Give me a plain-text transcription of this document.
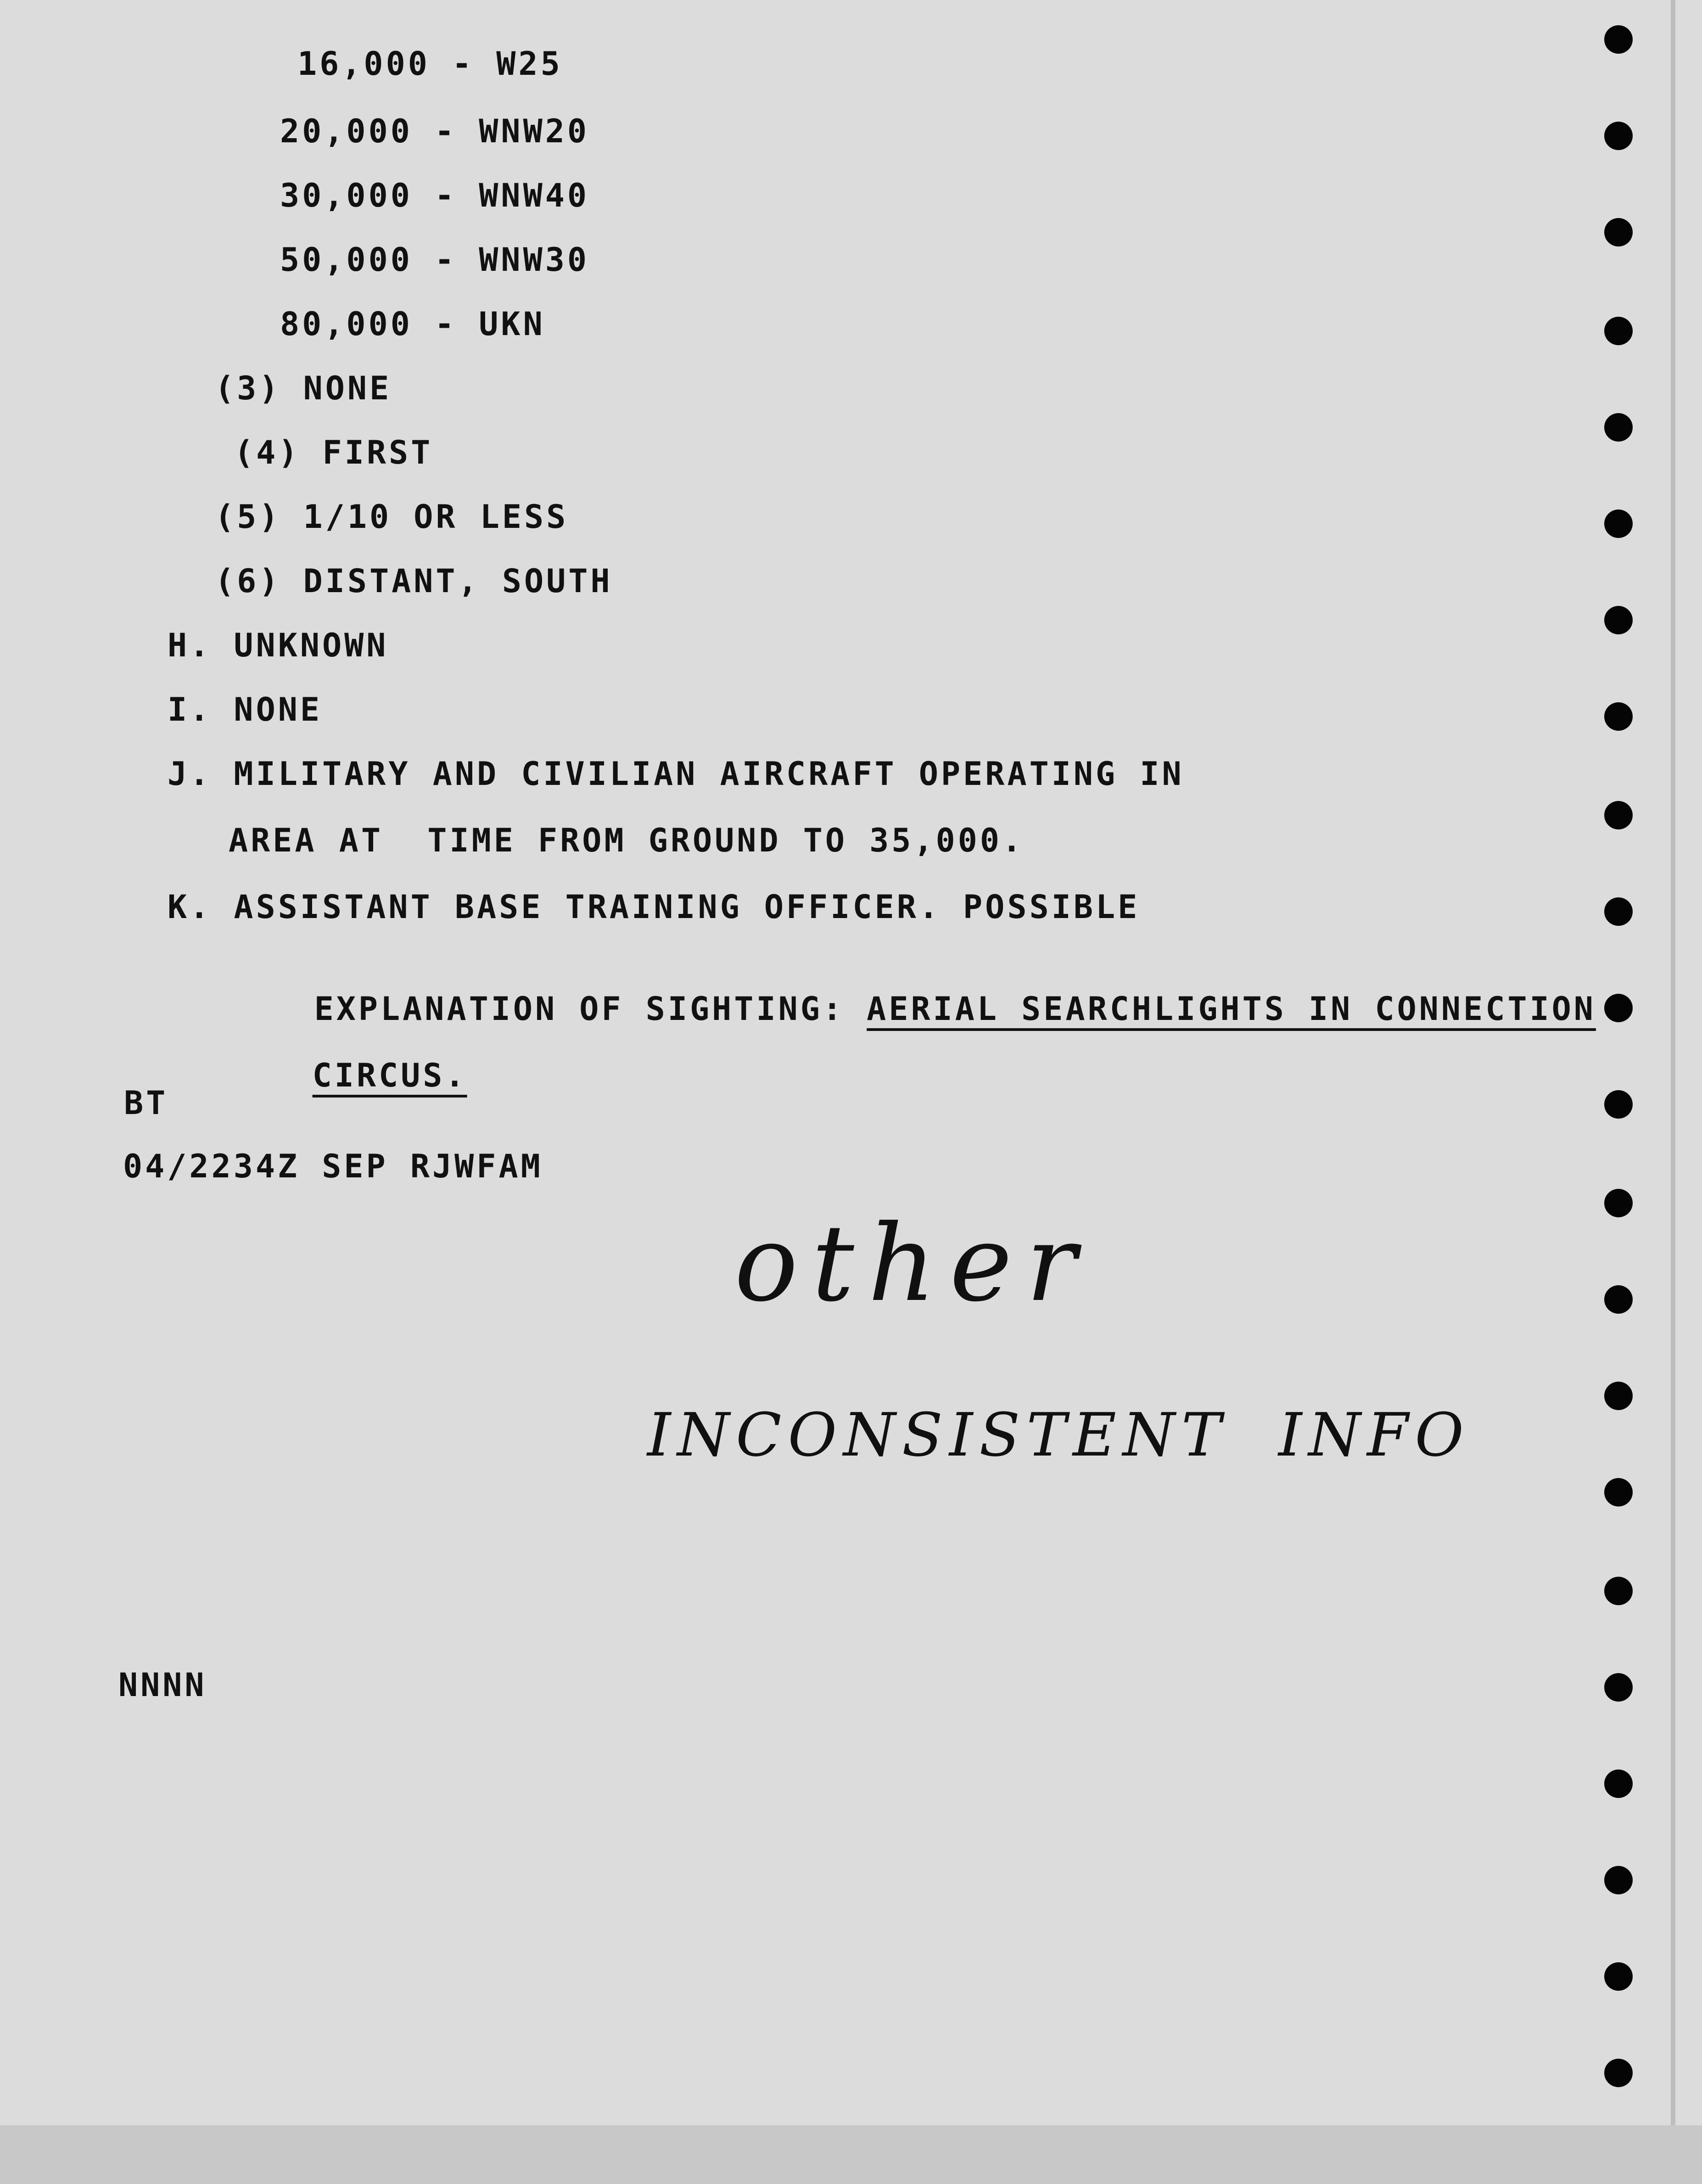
16,000 - W25
20,000 - WNW20
30,000 - WNW40
50,000 - WNW30
80,000 - UKN
(3) NONE
(4) FIRST
(5) 1/10 OR LESS
(6) DISTANT, SOUTH
H. UNKNOWN
I. NONE
J. MILITARY AND CIVILIAN AIRCRAFT OPERATING IN
AREA AT  TIME FROM GROUND TO 35,000.
K. ASSISTANT BASE TRAINING OFFICER. POSSIBLE

EXPLANATION OF SIGHTING: AERIAL SEARCHLIGHTS IN CONNECTION

CIRCUS.

BT
04/2234Z SEP RJWFAM
NNNN
other
INCONSISTENT  INFO
